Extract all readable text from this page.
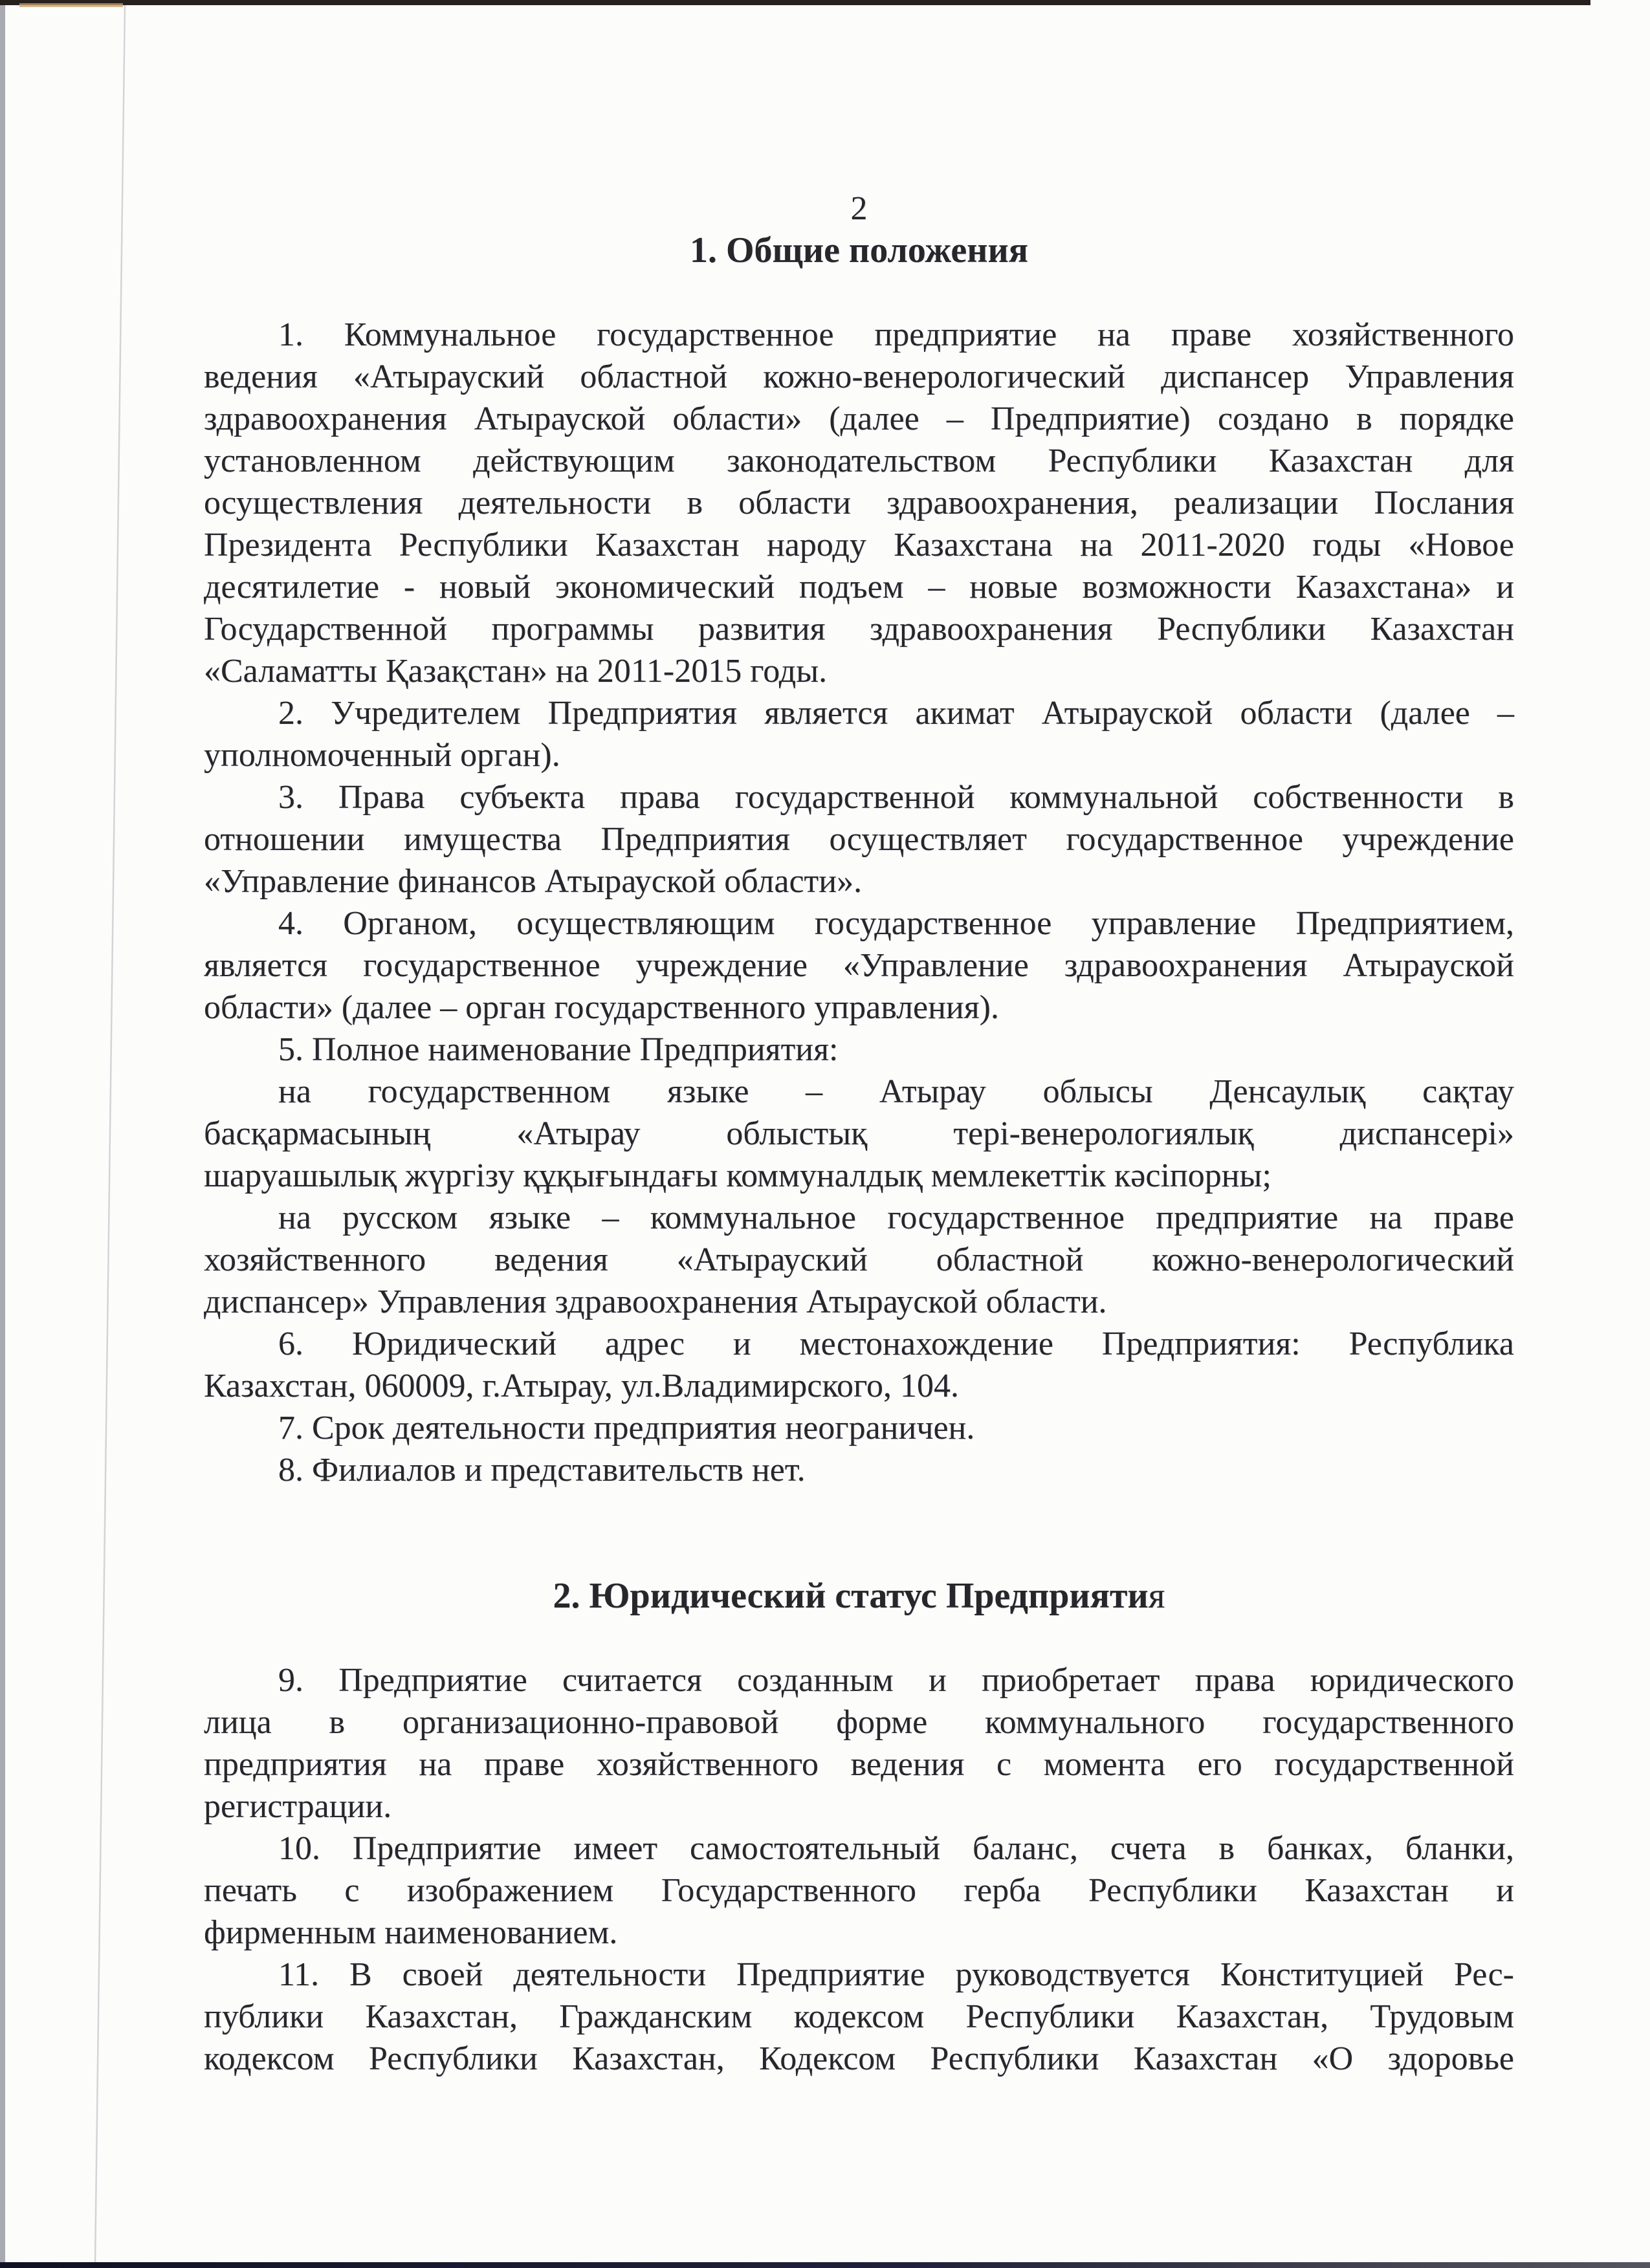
2
1. Общие положения
1. Коммунальное государственное предприятие на праве хозяйственного
ведения «Атырауский областной кожно-венерологический диспансер Управления
здравоохранения Атырауской области» (далее – Предприятие) создано в порядке
установленном действующим законодательством Республики Казахстан для
осуществления деятельности в области здравоохранения, реализации Послания
Президента Республики Казахстан народу Казахстана на 2011-2020 годы «Новое
десятилетие - новый экономический подъем – новые возможности Казахстана» и
Государственной программы развития здравоохранения Республики Казахстан
«Саламатты Қазақстан» на 2011-2015 годы.
2. Учредителем Предприятия является акимат Атырауской области (далее –
уполномоченный орган).
3. Права субъекта права государственной коммунальной собственности в
отношении имущества Предприятия осуществляет государственное учреждение
«Управление финансов Атырауской области».
4. Органом, осуществляющим государственное управление Предприятием,
является государственное учреждение «Управление здравоохранения Атырауской
области» (далее – орган государственного управления).
5. Полное наименование Предприятия:
на государственном языке – Атырау облысы Денсаулық сақтау
басқармасының «Атырау облыстық тері-венерологиялық диспансері»
шаруашылық жүргізу құқығындағы коммуналдық мемлекеттік кәсіпорны;
на русском языке – коммунальное государственное предприятие на праве
хозяйственного ведения «Атырауский областной кожно-венерологический
диспансер» Управления здравоохранения Атырауской области.
6. Юридический адрес и местонахождение Предприятия: Республика
Казахстан, 060009, г.Атырау, ул.Владимирского, 104.
7. Срок деятельности предприятия неограничен.
8. Филиалов и представительств нет.
2. Юридический статус Предприятия
9. Предприятие считается созданным и приобретает права юридического
лица в организационно-правовой форме коммунального государственного
предприятия на праве хозяйственного ведения с момента его государственной
регистрации.
10. Предприятие имеет самостоятельный баланс, счета в банках, бланки,
печать с изображением Государственного герба Республики Казахстан и
фирменным наименованием.
11. В своей деятельности Предприятие руководствуется Конституцией Рес-
публики Казахстан, Гражданским кодексом Республики Казахстан, Трудовым
кодексом Республики Казахстан, Кодексом Республики Казахстан «О здоровье
